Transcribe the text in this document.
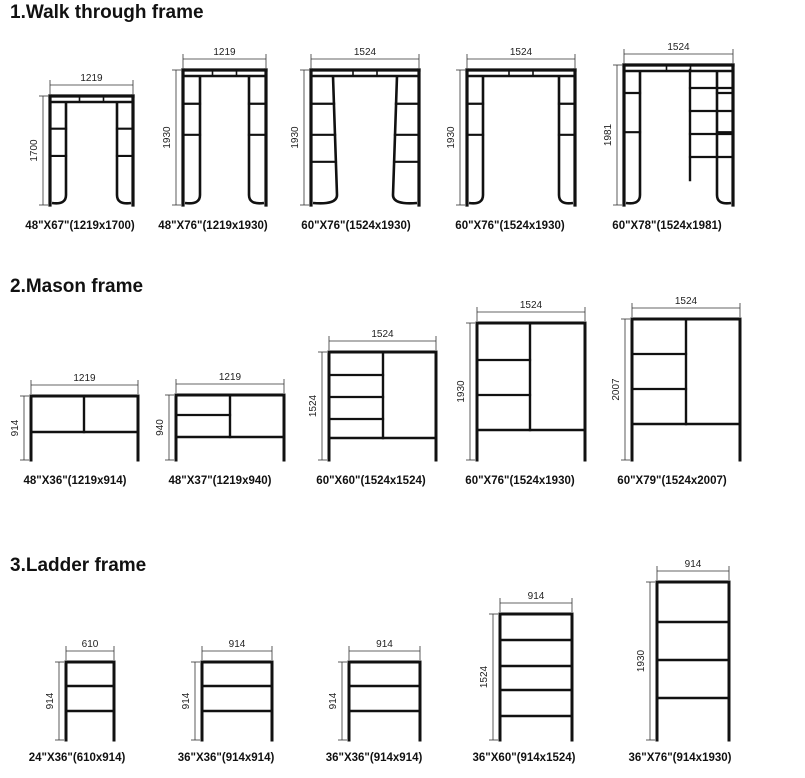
1.Walk through frame
2.Mason frame
3.Ladder frame
1219
1700
1219
1930
1524
1930
1524
1930
1524
1981
1219
914
1219
940
1524
1524
1524
1930
1524
2007
610
914
914
914
914
914
914
1524
914
1930
48"X67"(1219x1700) 48"X76"(1219x1930)	60"X76"(1524x1930)	60"X76"(1524x1930)	60"X78"(1524x1981)
48"X36"(1219x914)	48"X37"(1219x940)	60"X60"(1524x1524)	60"X76"(1524x1930)	60"X79"(1524x2007)
24"X36"(610x914)	36"X36"(914x914)	36"X36"(914x914)	36"X60"(914x1524)	36"X76"(914x1930)
